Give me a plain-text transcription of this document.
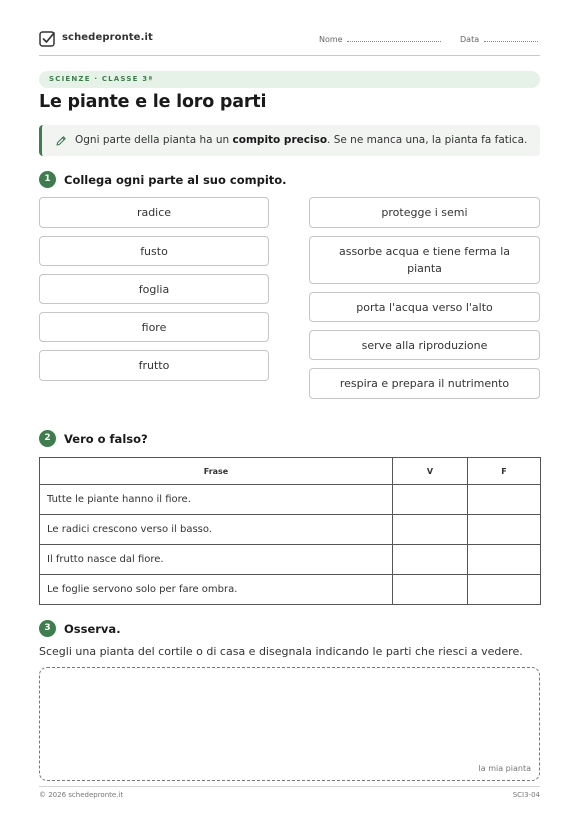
schedepronte.it	Nome	Data
SCIENZE · CLASSE 3ª
Le piante e le loro parti
Ogni parte della pianta ha un compito preciso. Se ne manca una, la pianta fa fatica.
1	Collega ogni parte al suo compito.
radice
fusto
foglia
fiore
frutto
protegge i semi
assorbe acqua e tiene ferma la pianta
porta l'acqua verso l'alto
serve alla riproduzione
respira e prepara il nutrimento
2	Vero o falso?
Frase	V	F
Tutte le piante hanno il fiore.		
Le radici crescono verso il basso.		
Il frutto nasce dal fiore.		
Le foglie servono solo per fare ombra.		
3	Osserva.
Scegli una pianta del cortile o di casa e disegnala indicando le parti che riesci a vedere.
la mia pianta
© 2026 schedepronte.it	SCI3-04
